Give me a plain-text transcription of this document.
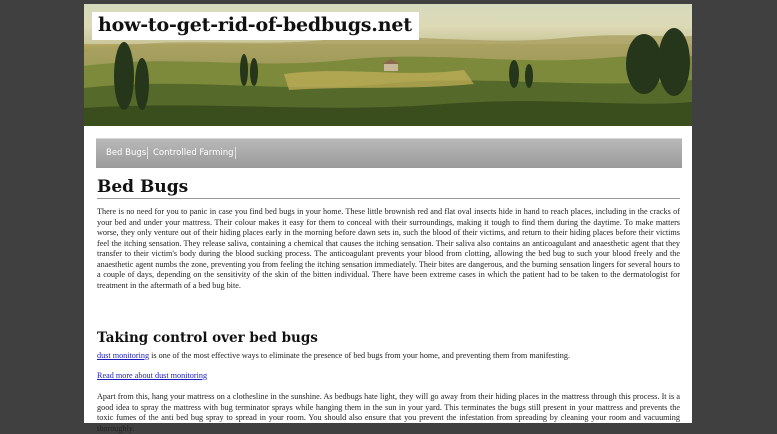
how-to-get-rid-of-bedbugs.net
Bed Bugs Controlled Farming
Bed Bugs

There is no need for you to panic in case you find bed bugs in your home. These little brownish red and flat oval insects hide in hand to reach places, including in the cracks of your bed and under your mattress. Their colour makes it easy for them to conceal with their surroundings, making it tough to find them during the daytime. To make matters worse, they only venture out of their hiding places early in the morning before dawn sets in, such the blood of their victims, and return to their hiding places before their victims feel the itching sensation. They release saliva, containing a chemical that causes the itching sensation. Their saliva also contains an anticoagulant and anaesthetic agent that they transfer to their victim's body during the blood sucking process. The anticoagulant prevents your blood from clotting, allowing the bed bug to such your blood freely and the anaesthetic agent numbs the zone, preventing you from feeling the itching sensation immediately. Their bites are dangerous, and the burning sensation lingers for several hours to a couple of days, depending on the sensitivity of the skin of the bitten individual. There have been extreme cases in which the patient had to be taken to the dermatologist for treatment in the aftermath of a bed bug bite.

Taking control over bed bugs

dust monitoring is one of the most effective ways to eliminate the presence of bed bugs from your home, and preventing them from manifesting.

Read more about dust monitoring

Apart from this, hang your mattress on a clothesline in the sunshine. As bedbugs hate light, they will go away from their hiding places in the mattress through this process. It is a good idea to spray the mattress with bug terminator sprays while hanging them in the sun in your yard. This terminates the bugs still present in your mattress and prevents the toxic fumes of the anti bed bug spray to spread in your room. You should also ensure that you prevent the infestation from spreading by cleaning your room and vacuuming thoroughly.
